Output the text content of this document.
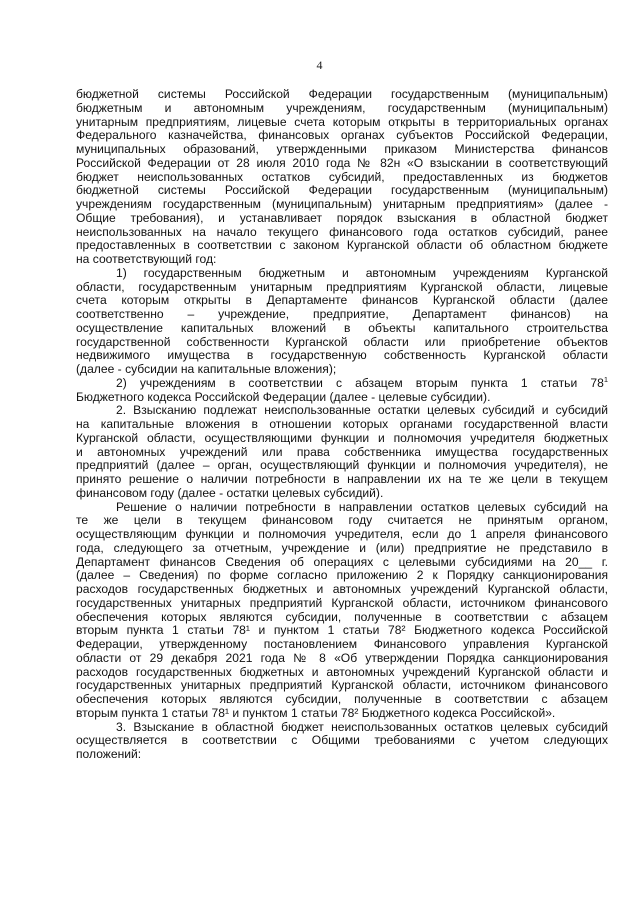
4
бюджетной системы Российской Федерации государственным (муниципальным)
бюджетным и автономным учреждениям, государственным (муниципальным)
унитарным предприятиям, лицевые счета которым открыты в территориальных органах
Федерального казначейства, финансовых органах субъектов Российской Федерации,
муниципальных образований, утвержденными приказом Министерства финансов
Российской Федерации от 28 июля 2010 года № 82н «О взыскании в соответствующий
бюджет неиспользованных остатков субсидий, предоставленных из бюджетов
бюджетной системы Российской Федерации государственным (муниципальным)
учреждениям государственным (муниципальным) унитарным предприятиям» (далее -
Общие требования), и устанавливает порядок взыскания в областной бюджет
неиспользованных на начало текущего финансового года остатков субсидий, ранее
предоставленных в соответствии с законом Курганской области об областном бюджете
на соответствующий год:
1) государственным бюджетным и автономным учреждениям Курганской
области, государственным унитарным предприятиям Курганской области, лицевые
счета которым открыты в Департаменте финансов Курганской области (далее
соответственно – учреждение, предприятие, Департамент финансов) на
осуществление капитальных вложений в объекты капитального строительства
государственной собственности Курганской области или приобретение объектов
недвижимого имущества в государственную собственность Курганской области
(далее - субсидии на капитальные вложения);
2) учреждениям в соответствии с абзацем вторым пункта 1 статьи $78^1$
Бюджетного кодекса Российской Федерации (далее - целевые субсидии).
2. Взысканию подлежат неиспользованные остатки целевых субсидий и субсидий
на капитальные вложения в отношении которых органами государственной власти
Курганской области, осуществляющими функции и полномочия учредителя бюджетных
и автономных учреждений или права собственника имущества государственных
предприятий (далее – орган, осуществляющий функции и полномочия учредителя), не
принято решение о наличии потребности в направлении их на те же цели в текущем
финансовом году (далее - остатки целевых субсидий).
Решение о наличии потребности в направлении остатков целевых субсидий на
те же цели в текущем финансовом году считается не принятым органом,
осуществляющим функции и полномочия учредителя, если до 1 апреля финансового
года, следующего за отчетным, учреждение и (или) предприятие не представило в
Департамент финансов Сведения об операциях с целевыми субсидиями на 20__ г.
(далее – Сведения) по форме согласно приложению 2 к Порядку санкционирования
расходов государственных бюджетных и автономных учреждений Курганской области,
государственных унитарных предприятий Курганской области, источником финансового
обеспечения которых являются субсидии, полученные в соответствии с абзацем
вторым пункта 1 статьи 78¹ и пунктом 1 статьи 78² Бюджетного кодекса Российской
Федерации, утвержденному постановлением Финансового управления Курганской
области от 29 декабря 2021 года № 8 «Об утверждении Порядка санкционирования
расходов государственных бюджетных и автономных учреждений Курганской области и
государственных унитарных предприятий Курганской области, источником финансового
обеспечения которых являются субсидии, полученные в соответствии с абзацем
вторым пункта 1 статьи 78¹ и пунктом 1 статьи 78² Бюджетного кодекса Российской».
3. Взыскание в областной бюджет неиспользованных остатков целевых субсидий
осуществляется в соответствии с Общими требованиями с учетом следующих
положений:
